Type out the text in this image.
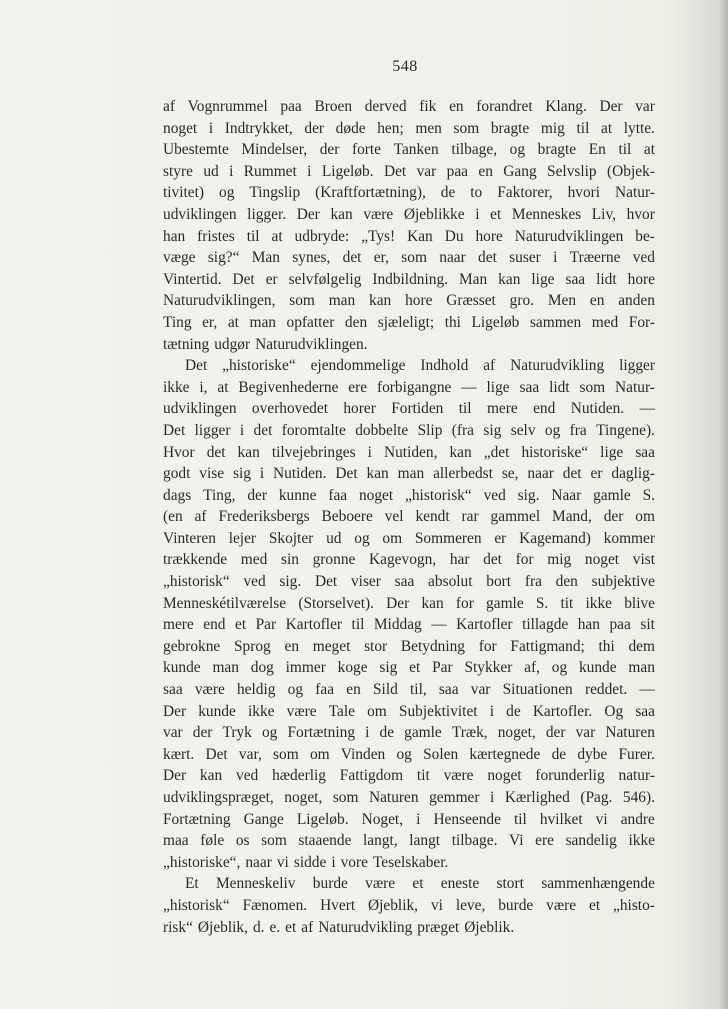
548
af Vognrummel paa Broen derved fik en forandret Klang. Der var
noget i Indtrykket, der døde hen; men som bragte mig til at lytte.
Ubestemte Mindelser, der forte Tanken tilbage, og bragte En til at
styre ud i Rummet i Ligeløb. Det var paa en Gang Selvslip (Objek-
tivitet) og Tingslip (Kraftfortætning), de to Faktorer, hvori Natur-
udviklingen ligger. Der kan være Øjeblikke i et Menneskes Liv, hvor
han fristes til at udbryde: „Tys! Kan Du hore Naturudviklingen be-
væge sig?“ Man synes, det er, som naar det suser i Træerne ved
Vintertid. Det er selvfølgelig Indbildning. Man kan lige saa lidt hore
Naturudviklingen, som man kan hore Græsset gro. Men en anden
Ting er, at man opfatter den sjæleligt; thi Ligeløb sammen med For-
tætning udgør Naturudviklingen.
Det „historiske“ ejendommelige Indhold af Naturudvikling ligger
ikke i, at Begivenhederne ere forbigangne — lige saa lidt som Natur-
udviklingen overhovedet horer Fortiden til mere end Nutiden. —
Det ligger i det foromtalte dobbelte Slip (fra sig selv og fra Tingene).
Hvor det kan tilvejebringes i Nutiden, kan „det historiske“ lige saa
godt vise sig i Nutiden. Det kan man allerbedst se, naar det er daglig-
dags Ting, der kunne faa noget „historisk“ ved sig. Naar gamle S.
(en af Frederiksbergs Beboere vel kendt rar gammel Mand, der om
Vinteren lejer Skojter ud og om Sommeren er Kagemand) kommer
trækkende med sin gronne Kagevogn, har det for mig noget vist
„historisk“ ved sig. Det viser saa absolut bort fra den subjektive
Menneskétilværelse (Storselvet). Der kan for gamle S. tit ikke blive
mere end et Par Kartofler til Middag — Kartofler tillagde han paa sit
gebrokne Sprog en meget stor Betydning for Fattigmand; thi dem
kunde man dog immer koge sig et Par Stykker af, og kunde man
saa være heldig og faa en Sild til, saa var Situationen reddet. —
Der kunde ikke være Tale om Subjektivitet i de Kartofler. Og saa
var der Tryk og Fortætning i de gamle Træk, noget, der var Naturen
kært. Det var, som om Vinden og Solen kærtegnede de dybe Furer.
Der kan ved hæderlig Fattigdom tit være noget forunderlig natur-
udviklingspræget, noget, som Naturen gemmer i Kærlighed (Pag. 546).
Fortætning Gange Ligeløb. Noget, i Henseende til hvilket vi andre
maa føle os som staaende langt, langt tilbage. Vi ere sandelig ikke
„historiske“, naar vi sidde i vore Teselskaber.
Et Menneskeliv burde være et eneste stort sammenhængende
„historisk“ Fænomen. Hvert Øjeblik, vi leve, burde være et „histo-
risk“ Øjeblik, d. e. et af Naturudvikling præget Øjeblik.
